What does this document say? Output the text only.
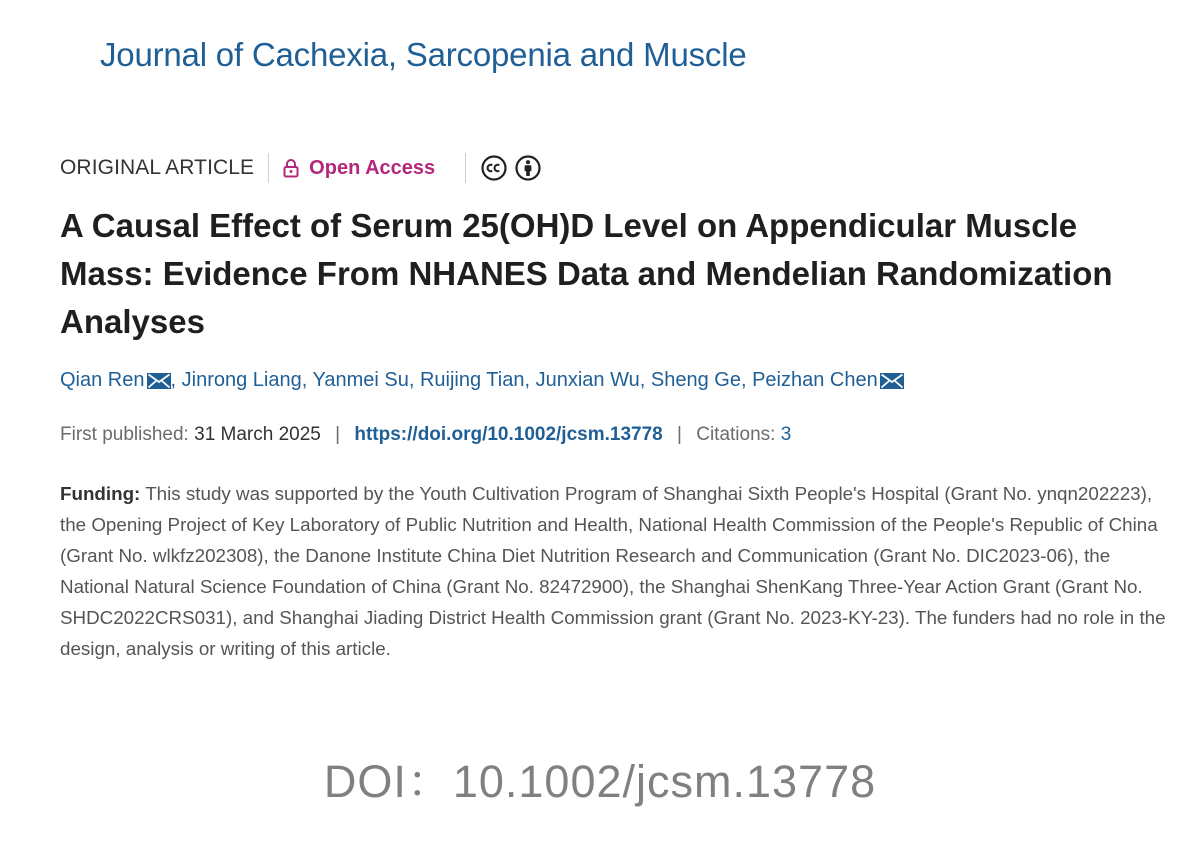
Journal of Cachexia, Sarcopenia and Muscle
ORIGINAL ARTICLE	Open Access
A Causal Effect of Serum 25(OH)D Level on Appendicular Muscle Mass: Evidence From NHANES Data and Mendelian Randomization Analyses
Qian Ren , Jinrong Liang, Yanmei Su, Ruijing Tian, Junxian Wu, Sheng Ge, Peizhan Chen
First published: 31 March 2025 | https://doi.org/10.1002/jcsm.13778 | Citations: 3

Funding: This study was supported by the Youth Cultivation Program of Shanghai Sixth People's Hospital (Grant No. ynqn202223), the Opening Project of Key Laboratory of Public Nutrition and Health, National Health Commission of the People's Republic of China (Grant No. wlkfz202308), the Danone Institute China Diet Nutrition Research and Communication (Grant No. DIC2023-06), the National Natural Science Foundation of China (Grant No. 82472900), the Shanghai ShenKang Three-Year Action Grant (Grant No. SHDC2022CRS031), and Shanghai Jiading District Health Commission grant (Grant No. 2023-KY-23). The funders had no role in the design, analysis or writing of this article.

DOI：10.1002/jcsm.13778
